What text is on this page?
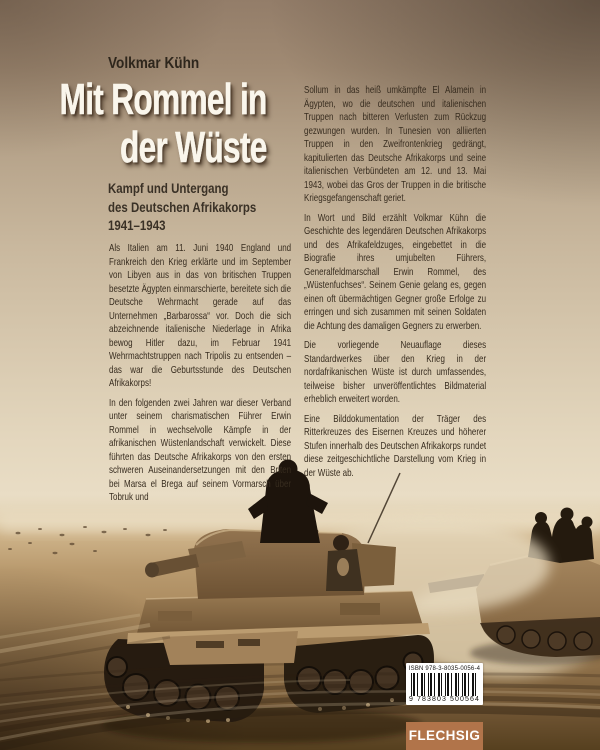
Volkmar Kühn
Mit Rommel in
der Wüste
Kampf und Untergang
des Deutschen Afrikakorps
1941–1943

Als Italien am 11. Juni 1940 England und Frankreich den Krieg erklärte und im September von Libyen aus in das von britischen Truppen besetzte Ägypten einmarschierte, bereitete sich die Deutsche Wehrmacht gerade auf das Unternehmen „Barbarossa“ vor. Doch die sich abzeichnende italienische Niederlage in Afrika bewog Hitler dazu, im Februar 1941 Wehrmachtstruppen nach Tripolis zu entsenden – das war die Geburtsstunde des Deutschen Afrikakorps!

In den folgenden zwei Jahren war dieser Verband unter seinem charismatischen Führer Erwin Rommel in wechselvolle Kämpfe in der afrikanischen Wüstenlandschaft verwickelt. Diese führten das Deutsche Afrikakorps von den ersten schweren Auseinandersetzungen mit den Briten bei Marsa el Brega auf seinem Vormarsch über Tobruk und

Sollum in das heiß umkämpfte El Alamein in Ägypten, wo die deutschen und italienischen Truppen nach bitteren Verlusten zum Rückzug gezwungen wurden. In Tunesien von alliierten Truppen in den Zweifrontenkrieg gedrängt, kapitulierten das Deutsche Afrikakorps und seine italienischen Verbündeten am 12. und 13. Mai 1943, wobei das Gros der Truppen in die britische Kriegsgefangenschaft geriet.

In Wort und Bild erzählt Volkmar Kühn die Geschichte des legendären Deutschen Afrikakorps und des Afrikafeldzuges, eingebettet in die Biografie ihres umjubelten Führers, Generalfeldmarschall Erwin Rommel, des „Wüstenfuchses“. Seinem Genie gelang es, gegen einen oft übermächtigen Gegner große Erfolge zu erringen und sich zusammen mit seinen Soldaten die Achtung des damaligen Gegners zu erwerben.

Die vorliegende Neuauflage dieses Standardwerkes über den Krieg in der nordafrikanischen Wüste ist durch umfassendes, teilweise bisher unveröffentlichtes Bildmaterial erheblich erweitert worden.

Eine Bilddokumentation der Träger des Ritterkreuzes des Eisernen Kreuzes und höherer Stufen innerhalb des Deutschen Afrikakorps rundet diese zeitgeschichtliche Darstellung vom Krieg in der Wüste ab.

ISBN 978-3-8035-0056-4
9 783803 500564
FLECHSIG
